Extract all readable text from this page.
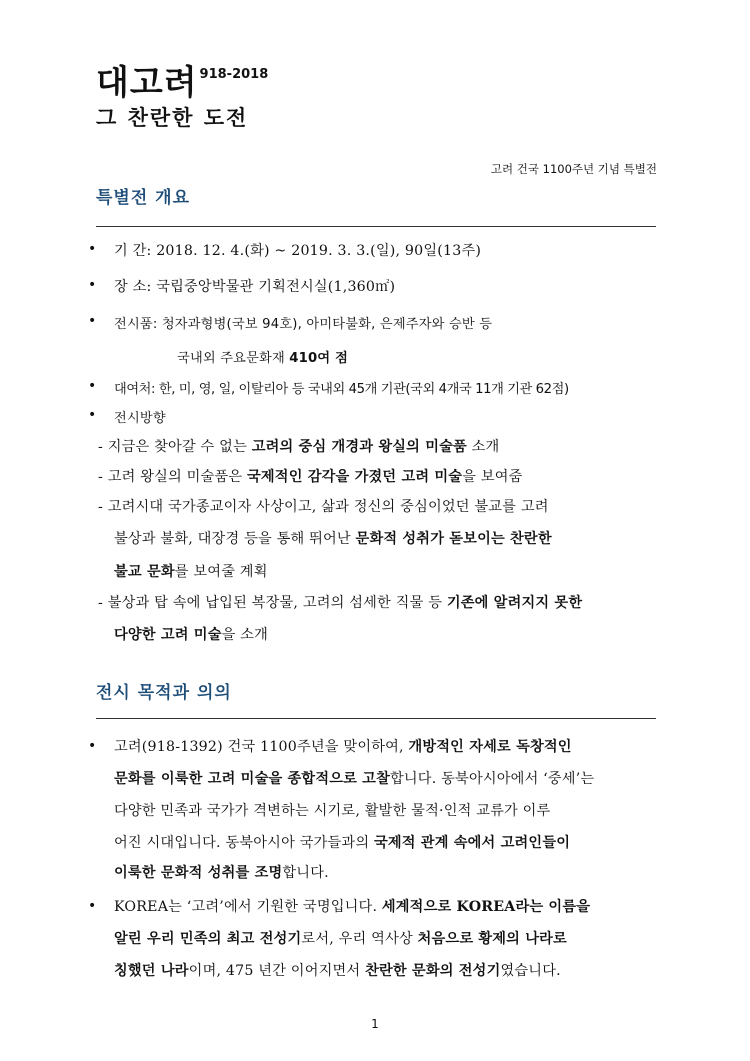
대고려 $^{918-2018}$
그 찬란한 도전
고려 건국 1100주년 기념 특별전
특별전 개요
• 기 간: 2018. 12. 4.(화) ~ 2019. 3. 3.(일), 90일(13주)
• 장 소: 국립중앙박물관 기획전시실(1,360㎡)
• 전시품: 청자과형병(국보 94호), 아미타불화, 은제주자와 승반 등
국내외 주요문화재 410여 점
• 대여처: 한, 미, 영, 일, 이탈리아 등 국내외 45개 기관(국외 4개국 11개 기관 62점)
• 전시방향
- 지금은 찾아갈 수 없는 고려의 중심 개경과 왕실의 미술품 소개
- 고려 왕실의 미술품은 국제적인 감각을 가졌던 고려 미술을 보여줌
- 고려시대 국가종교이자 사상이고, 삶과 정신의 중심이었던 불교를 고려
불상과 불화, 대장경 등을 통해 뛰어난 문화적 성취가 돋보이는 찬란한
불교 문화를 보여줄 계획
- 불상과 탑 속에 납입된 복장물, 고려의 섬세한 직물 등 기존에 알려지지 못한
다양한 고려 미술을 소개
전시 목적과 의의
• 고려(918-1392) 건국 1100주년을 맞이하여, 개방적인 자세로 독창적인
문화를 이룩한 고려 미술을 종합적으로 고찰합니다. 동북아시아에서 ‘중세’는
다양한 민족과 국가가 격변하는 시기로, 활발한 물적·인적 교류가 이루
어진 시대입니다. 동북아시아 국가들과의 국제적 관계 속에서 고려인들이
이룩한 문화적 성취를 조명합니다.
• KOREA는 ‘고려’에서 기원한 국명입니다. 세계적으로 KOREA라는 이름을
알린 우리 민족의 최고 전성기로서, 우리 역사상 처음으로 황제의 나라로
칭했던 나라이며, 475 년간 이어지면서 찬란한 문화의 전성기였습니다.
1
